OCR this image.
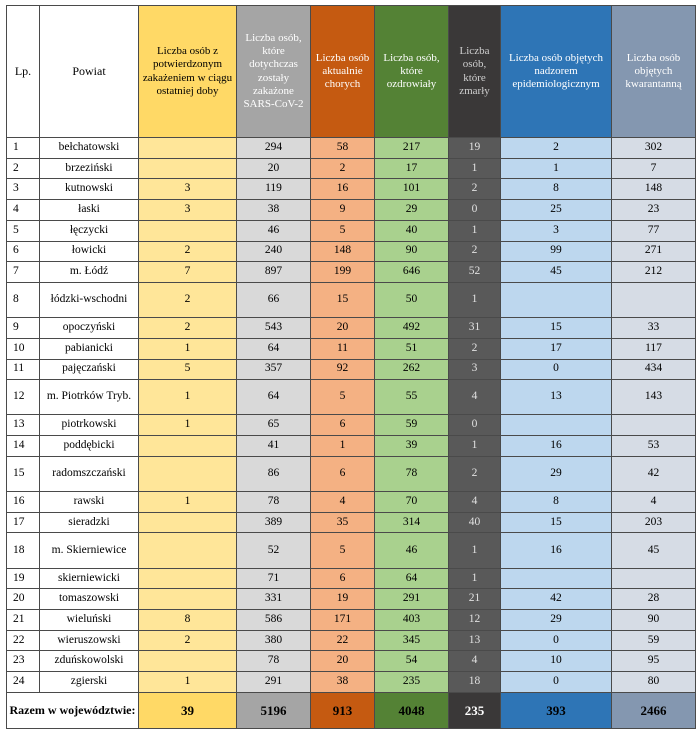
Lp.	Powiat	Liczba osób z potwierdzonym zakażeniem w ciągu ostatniej doby	Liczba osób, które dotychczas zostały zakażone SARS-CoV-2	Liczba osób aktualnie chorych	Liczba osób, które ozdrowiały	Liczba osób, które zmarły	Liczba osób objętych nadzorem epidemiologicznym	Liczba osób objętych kwarantanną
1	bełchatowski		294	58	217	19	2	302
2	brzeziński		20	2	17	1	1	7
3	kutnowski	3	119	16	101	2	8	148
4	łaski	3	38	9	29	0	25	23
5	łęczycki		46	5	40	1	3	77
6	łowicki	2	240	148	90	2	99	271
7	m. Łódź	7	897	199	646	52	45	212
8	łódzki-wschodni	2	66	15	50	1		
9	opoczyński	2	543	20	492	31	15	33
10	pabianicki	1	64	11	51	2	17	117
11	pajęczański	5	357	92	262	3	0	434
12	m. Piotrków Tryb.	1	64	5	55	4	13	143
13	piotrkowski	1	65	6	59	0		
14	poddębicki		41	1	39	1	16	53
15	radomszczański		86	6	78	2	29	42
16	rawski	1	78	4	70	4	8	4
17	sieradzki		389	35	314	40	15	203
18	m. Skierniewice		52	5	46	1	16	45
19	skierniewicki		71	6	64	1		
20	tomaszowski		331	19	291	21	42	28
21	wieluński	8	586	171	403	12	29	90
22	wieruszowski	2	380	22	345	13	0	59
23	zduńskowolski		78	20	54	4	10	95
24	zgierski	1	291	38	235	18	0	80
Razem w województwie:		39	5196	913	4048	235	393	2466
